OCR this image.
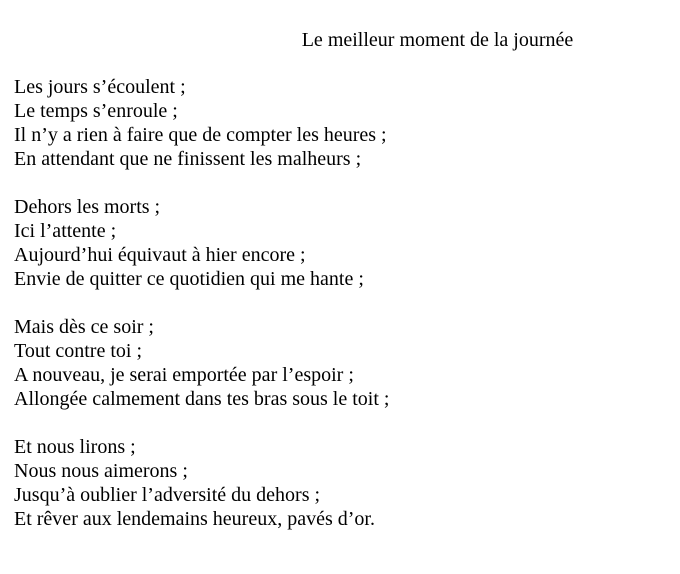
Le meilleur moment de la journée
Les jours s’écoulent ;
Le temps s’enroule ;
Il n’y a rien à faire que de compter les heures ;
En attendant que ne finissent les malheurs ;
Dehors les morts ;
Ici l’attente ;
Aujourd’hui équivaut à hier encore ;
Envie de quitter ce quotidien qui me hante ;
Mais dès ce soir ;
Tout contre toi ;
A nouveau, je serai emportée par l’espoir ;
Allongée calmement dans tes bras sous le toit ;
Et nous lirons ;
Nous nous aimerons ;
Jusqu’à oublier l’adversité du dehors ;
Et rêver aux lendemains heureux, pavés d’or.
